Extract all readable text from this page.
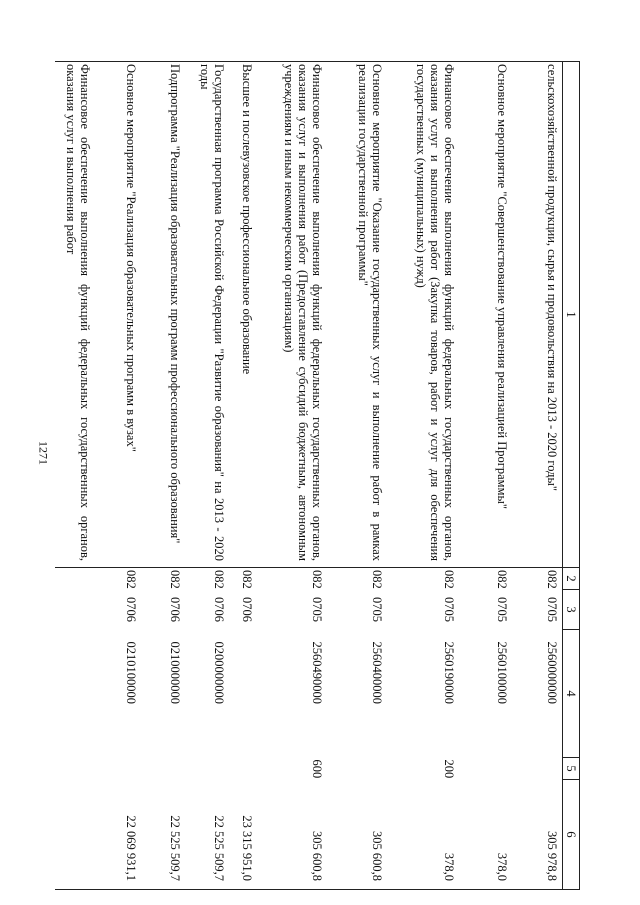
1271
1	2	3	4	5	6
сельскохозяйственной продукции, сырья и продовольствия на 2013 - 2020 годы"	082	0705	2560000000		305 978,8
Основное мероприятие "Совершенствование управления реализацией Программы"	082	0705	2560100000		378,0
Финансовое обеспечение выполнения функций федеральных государственных органов, оказания услуг и выполнения работ (Закупка товаров, работ и услуг для обеспечения государственных (муниципальных) нужд)	082	0705	2560190000	200	378,0
Основное мероприятие "Оказание государственных услуг и выполнение работ в рамках реализации государственной программы"	082	0705	2560400000		305 600,8
Финансовое обеспечение выполнения функций федеральных государственных органов, оказания услуг и выполнения работ (Предоставление субсидий бюджетным, автономным учреждениям и иным некоммерческим организациям)	082	0705	2560490000	600	305 600,8
Высшее и послевузовское профессиональное образование	082	0706			23 315 951,0
Государственная программа Российской Федерации "Развитие образования" на 2013 - 2020 годы	082	0706	0200000000		22 525 509,7
Подпрограмма "Реализация образовательных программ профессионального образования"	082	0706	0210000000		22 525 509,7
Основное мероприятие "Реализация образовательных программ в вузах"	082	0706	0210100000		22 069 931,1
Финансовое обеспечение выполнения функций федеральных государственных органов, оказания услуг и выполнения работ					
